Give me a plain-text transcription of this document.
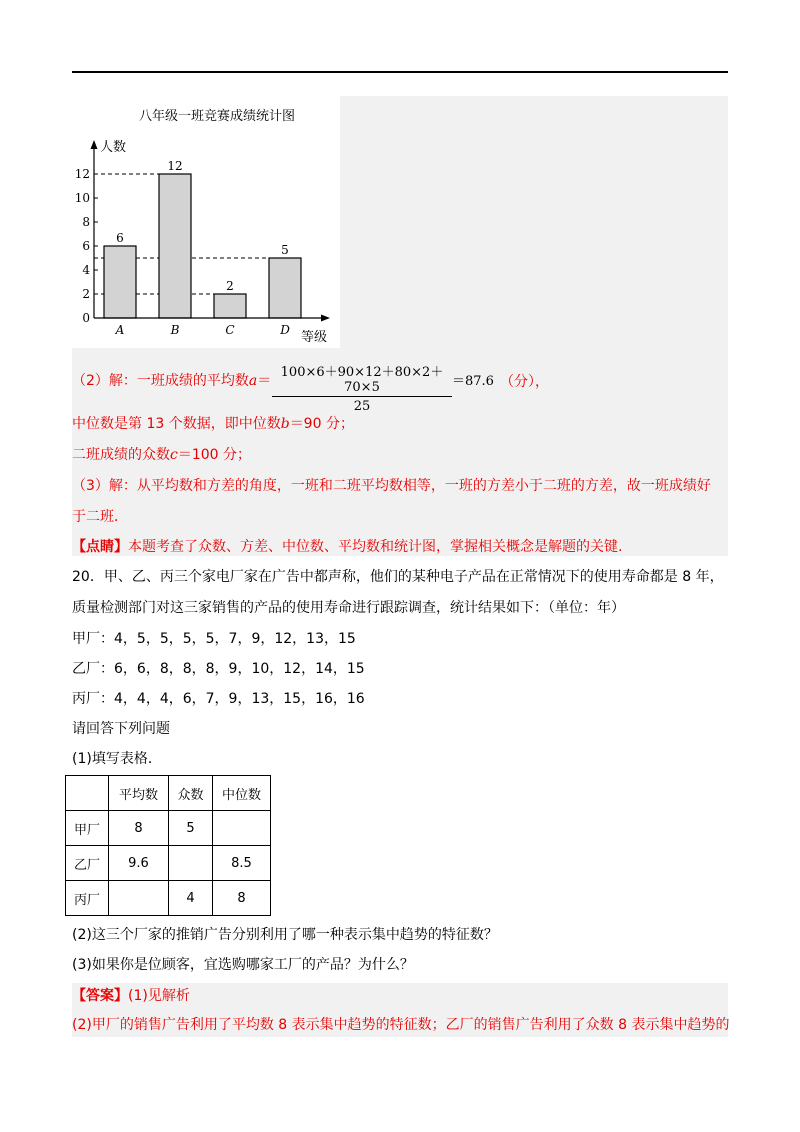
八年级一班竞赛成绩统计图
人数
等级
6
A
12
B
2
C
5
D
0
2
4
6
8
10
12
（2）解：一班成绩的平均数$a= \frac{100\times 6+90\times 12+80\times 2+70\times 5}{25} =87.6$ （分），
中位数是第 13 个数据，即中位数b＝90 分；
二班成绩的众数c＝100 分；
（3）解：从平均数和方差的角度，一班和二班平均数相等，一班的方差小于二班的方差，故一班成绩好
于二班．
【点睛】本题考查了众数、方差、中位数、平均数和统计图，掌握相关概念是解题的关键.
20．甲、乙、丙三个家电厂家在广告中都声称，他们的某种电子产品在正常情况下的使用寿命都是 8 年，
质量检测部门对这三家销售的产品的使用寿命进行跟踪调查，统计结果如下：（单位：年）
甲厂：4，5，5，5，5，7，9，12，13，15
乙厂：6，6，8，8，8，9，10，12，14，15
丙厂：4，4，4，6，7，9，13，15，16，16
请回答下列问题
(1)填写表格．
	平均数	众数	中位数
甲厂	8	5	
乙厂	9.6		8.5
丙厂		4	8
(2)这三个厂家的推销广告分别利用了哪一种表示集中趋势的特征数？
(3)如果你是位顾客，宜选购哪家工厂的产品？为什么？
【答案】(1)见解析
(2)甲厂的销售广告利用了平均数 8 表示集中趋势的特征数；乙厂的销售广告利用了众数 8 表示集中趋势的
